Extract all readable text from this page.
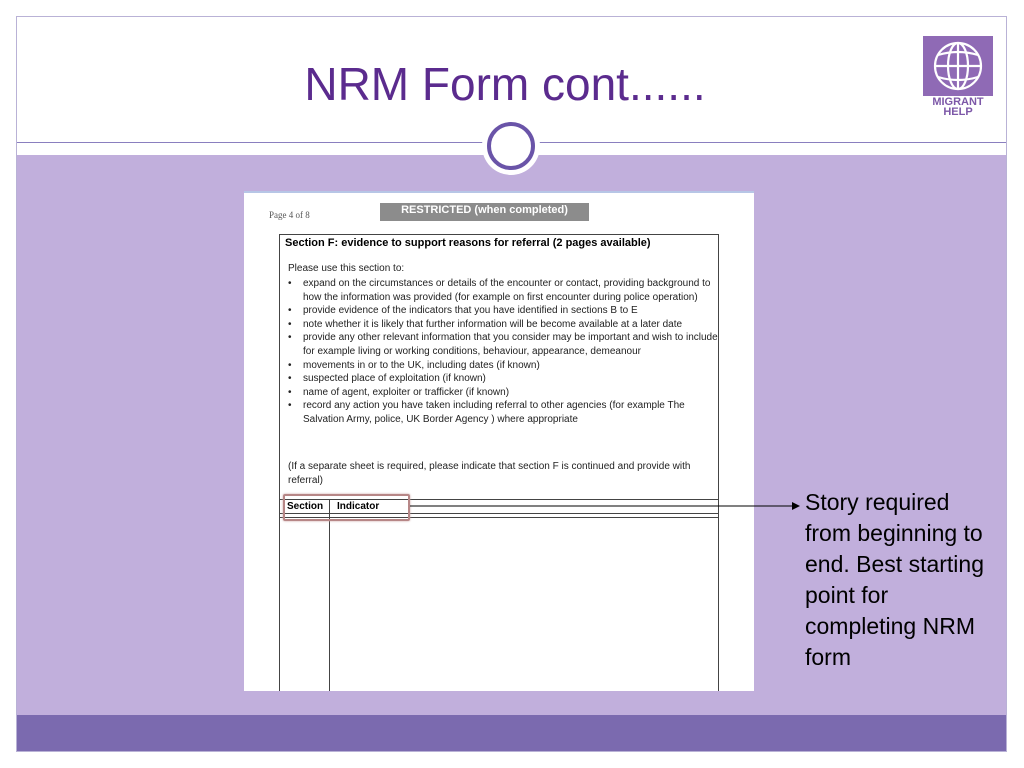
NRM Form cont......	MIGRANT
HELP
Page 4 of 8	RESTRICTED (when completed)
Section F: evidence to support reasons for referral (2 pages available)
Please use this section to:
• expand on the circumstances or details of the encounter or contact, providing background to how the information was provided (for example on first encounter during police operation)
• provide evidence of the indicators that you have identified in sections B to E
• note whether it is likely that further information will be become available at a later date
• provide any other relevant information that you consider may be important and wish to include for example living or working conditions, behaviour, appearance, demeanour
• movements in or to the UK, including dates (if known)
• suspected place of exploitation (if known)
• name of agent, exploiter or trafficker (if known)
• record any action you have taken including referral to other agencies (for example The Salvation Army, police, UK Border Agency ) where appropriate
(If a separate sheet is required, please indicate that section F is continued and provide with referral)
Section Indicator	Story required from beginning to end. Best starting point for completing NRM form
